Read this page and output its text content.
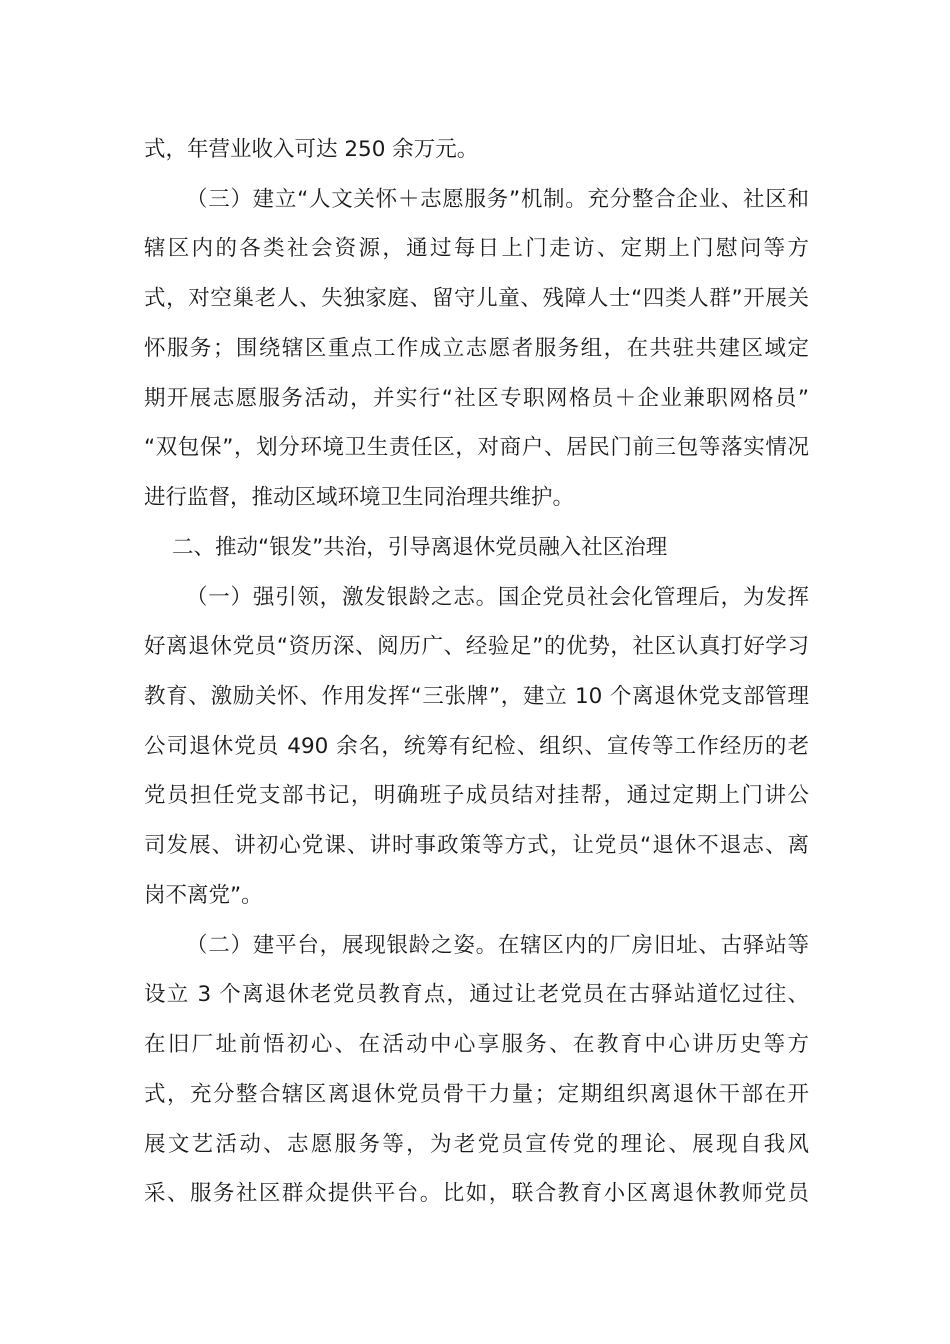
式，年营业收入可达 250 余万元。
（三）建立“人文关怀＋志愿服务”机制。充分整合企业、社区和
辖区内的各类社会资源，通过每日上门走访、定期上门慰问等方
式，对空巢老人、失独家庭、留守儿童、残障人士“四类人群”开展关
怀服务；围绕辖区重点工作成立志愿者服务组，在共驻共建区域定
期开展志愿服务活动，并实行“社区专职网格员＋企业兼职网格员”
“双包保”，划分环境卫生责任区，对商户、居民门前三包等落实情况
进行监督，推动区域环境卫生同治理共维护。
二、推动“银发”共治，引导离退休党员融入社区治理
（一）强引领，激发银龄之志。国企党员社会化管理后，为发挥
好离退休党员“资历深、阅历广、经验足”的优势，社区认真打好学习
教育、激励关怀、作用发挥“三张牌”，建立 10 个离退休党支部管理
公司退休党员 490 余名，统筹有纪检、组织、宣传等工作经历的老
党员担任党支部书记，明确班子成员结对挂帮，通过定期上门讲公
司发展、讲初心党课、讲时事政策等方式，让党员“退休不退志、离
岗不离党”。
（二）建平台，展现银龄之姿。在辖区内的厂房旧址、古驿站等
设立 3 个离退休老党员教育点，通过让老党员在古驿站道忆过往、
在旧厂址前悟初心、在活动中心享服务、在教育中心讲历史等方
式，充分整合辖区离退休党员骨干力量；定期组织离退休干部在开
展文艺活动、志愿服务等，为老党员宣传党的理论、展现自我风
采、服务社区群众提供平台。比如，联合教育小区离退休教师党员
